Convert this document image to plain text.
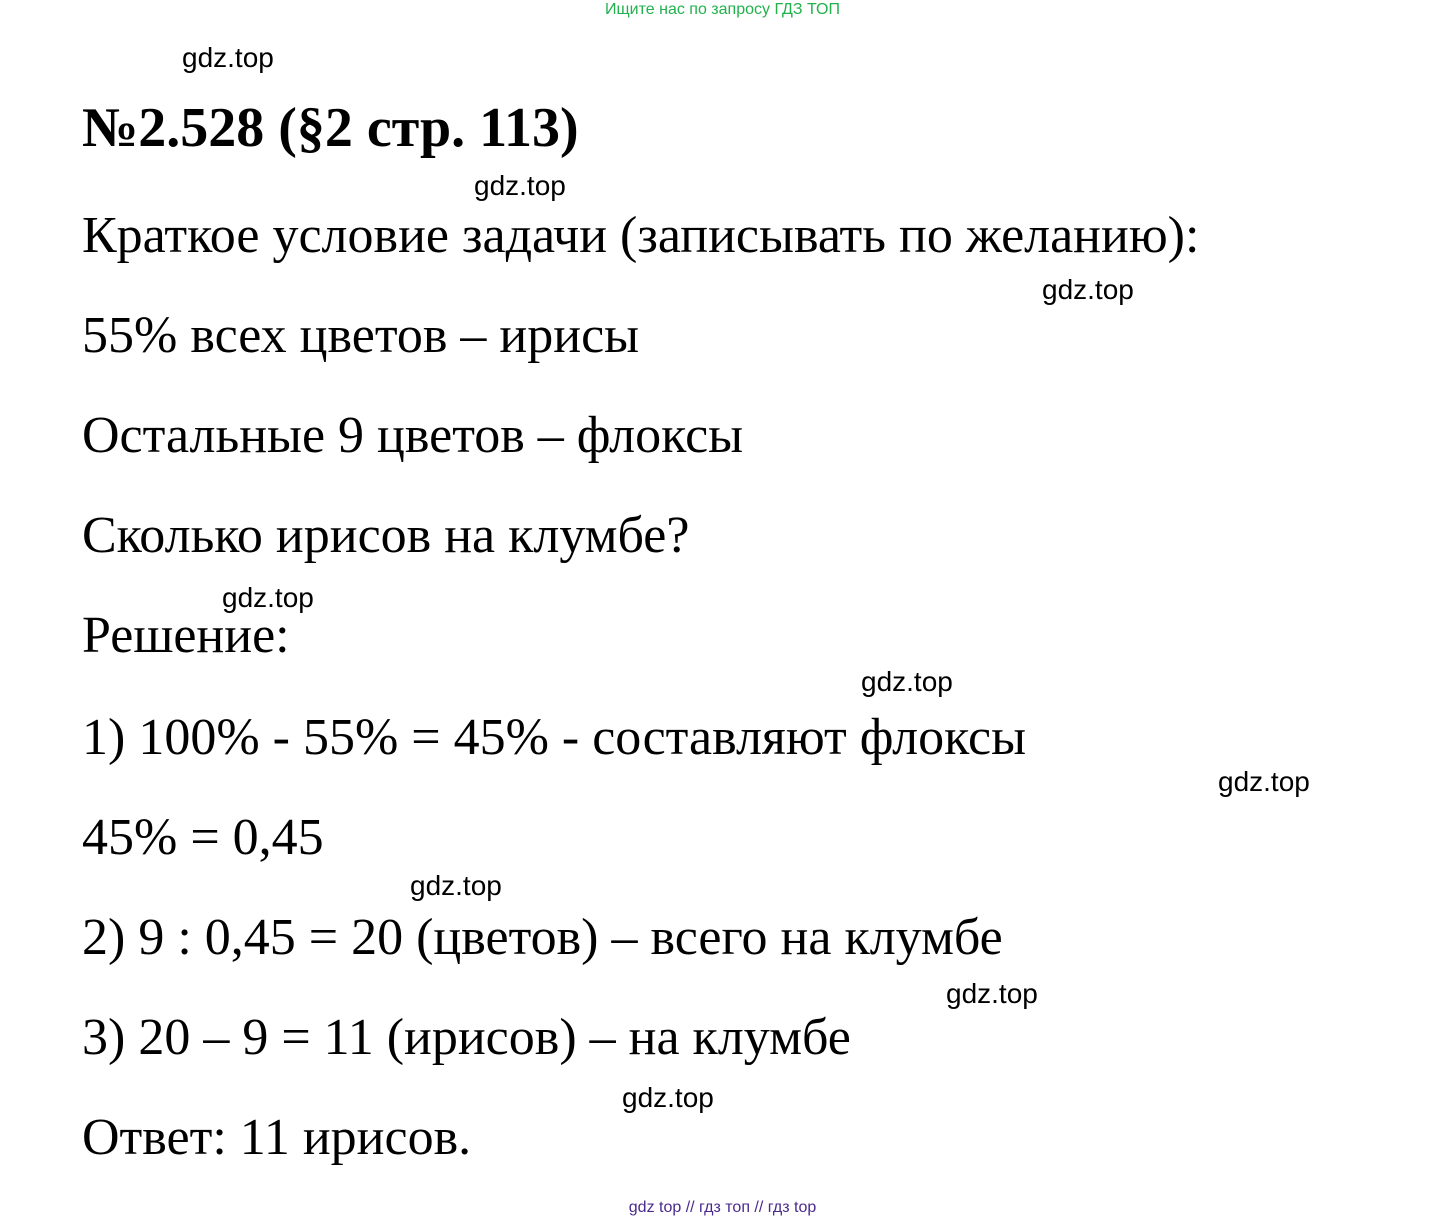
Ищите нас по запросу ГДЗ ТОП
gdz.top
gdz.top
gdz.top
gdz.top
gdz.top
gdz.top
gdz.top
gdz.top
gdz.top
№2.528 (§2 стр. 113)
Краткое условие задачи (записывать по желанию):
55% всех цветов – ирисы
Остальные 9 цветов – флоксы
Сколько ирисов на клумбе?
Решение:
1) 100% - 55% = 45% - составляют флоксы
45% = 0,45
2) 9 : 0,45 = 20 (цветов) – всего на клумбе
3) 20 – 9 = 11 (ирисов) – на клумбе
Ответ: 11 ирисов.
gdz top // гдз топ // гдз top
